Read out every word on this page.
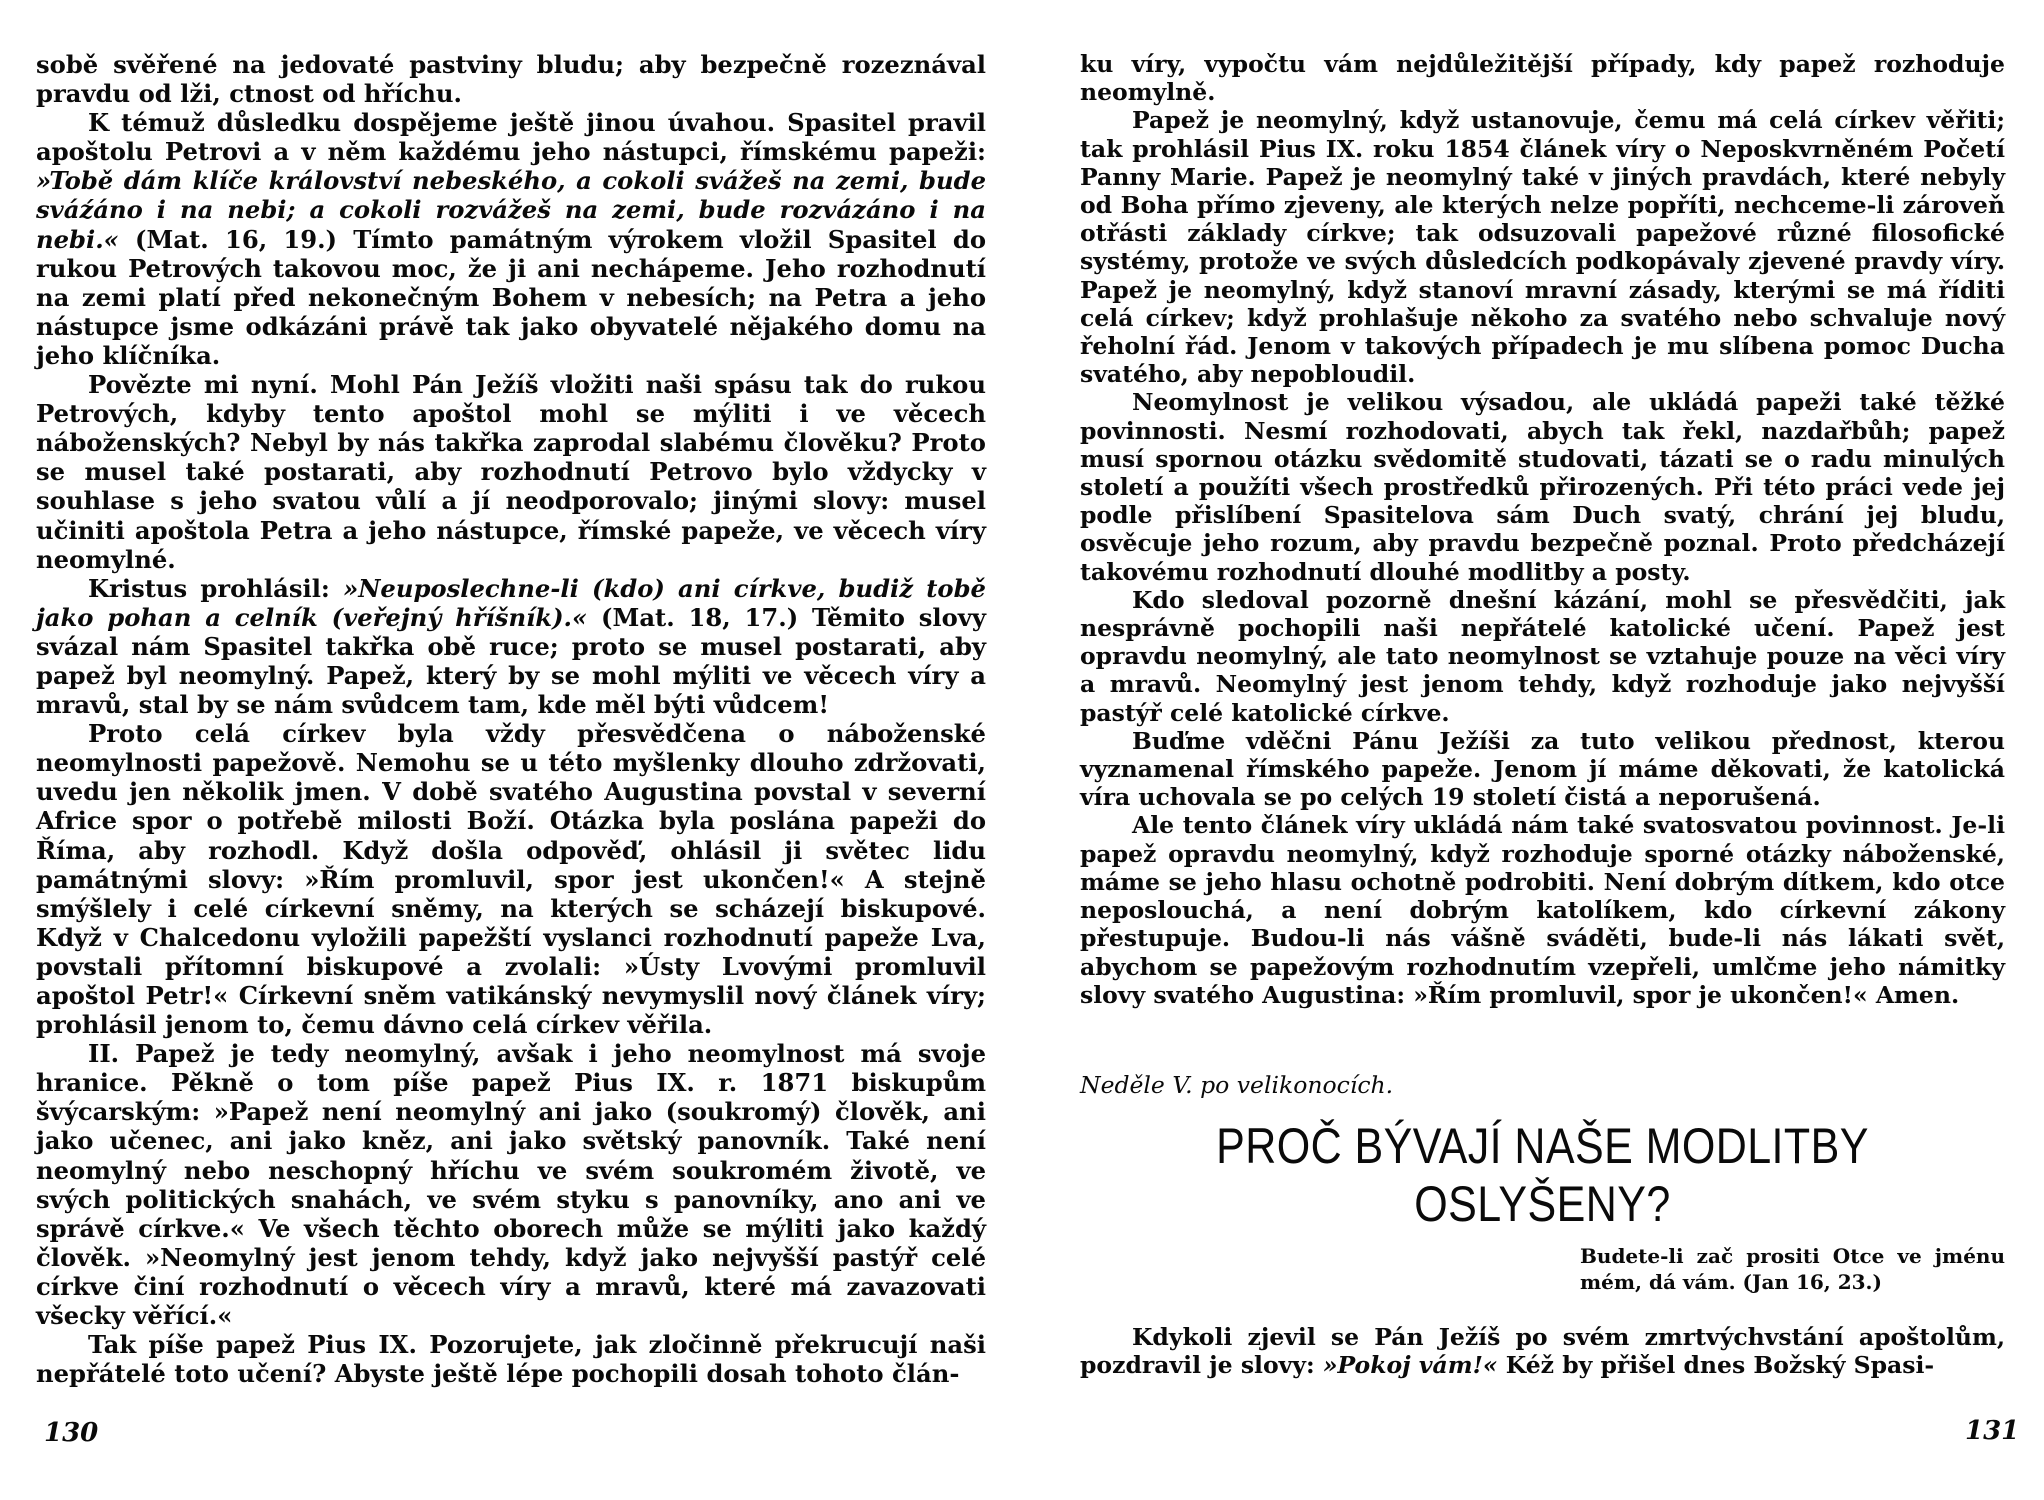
sobě svěřené na jedovaté pastviny bludu; aby bezpečně rozeznával pravdu od lži, ctnost od hříchu.

K témuž důsledku dospějeme ještě jinou úvahou. Spasitel pravil apoštolu Petrovi a v něm každému jeho nástupci, římskému papeži: »Tobě dám klíče království nebeského, a cokoli svážeš na zemi, bude sváźáno i na nebi; a cokoli rozvážeš na zemi, bude rozvázáno i na nebi.« (Mat. 16, 19.) Tímto památným výrokem vložil Spasitel do rukou Petrových takovou moc, že ji ani nechápeme. Jeho rozhodnutí na zemi platí před nekonečným Bohem v nebesích; na Petra a jeho nástupce jsme odkázáni právě tak jako obyvatelé nějakého domu na jeho klíčníka.

Povězte mi nyní. Mohl Pán Ježíš vložiti naši spásu tak do rukou Petrových, kdyby tento apoštol mohl se mýliti i ve věcech náboženských? Nebyl by nás takřka zaprodal slabému člověku? Proto se musel také postarati, aby rozhodnutí Petrovo bylo vždycky v souhlase s jeho svatou vůlí a jí neodporovalo; jinými slovy: musel učiniti apoštola Petra a jeho nástupce, římské papeže, ve věcech víry neomylné.

Kristus prohlásil: »Neuposlechne-li (kdo) ani církve, budiž tobě jako pohan a celník (veřejný hříšník).« (Mat. 18, 17.) Těmito slovy svázal nám Spasitel takřka obě ruce; proto se musel postarati, aby papež byl neomylný. Papež, který by se mohl mýliti ve věcech víry a mravů, stal by se nám svůdcem tam, kde měl býti vůdcem!

Proto celá církev byla vždy přesvědčena o náboženské neomylnosti papežově. Nemohu se u této myšlenky dlouho zdržovati, uvedu jen několik jmen. V době svatého Augustina povstal v severní Africe spor o potřebě milosti Boží. Otázka byla poslána papeži do Říma, aby rozhodl. Když došla odpověď, ohlásil ji světec lidu památnými slovy: »Řím promluvil, spor jest ukončen!« A stejně smýšlely i celé církevní sněmy, na kterých se scházejí biskupové. Když v Chalcedonu vyložili papežští vyslanci rozhodnutí papeže Lva, povstali přítomní biskupové a zvolali: »Ústy Lvovými promluvil apoštol Petr!« Církevní sněm vatikánský nevymyslil nový článek víry; prohlásil jenom to, čemu dávno celá církev věřila.

II. Papež je tedy neomylný, avšak i jeho neomylnost má svoje hranice. Pěkně o tom píše papež Pius IX. r. 1871 biskupům švýcarským: »Papež není neomylný ani jako (soukromý) člověk, ani jako učenec, ani jako kněz, ani jako světský panovník. Také není neomylný nebo neschopný hříchu ve svém soukromém životě, ve svých politických snahách, ve svém styku s panovníky, ano ani ve správě církve.« Ve všech těchto oborech může se mýliti jako každý člověk. »Neomylný jest jenom tehdy, když jako nejvyšší pastýř celé církve činí rozhodnutí o věcech víry a mravů, které má zavazovati všecky věřící.«

Tak píše papež Pius IX. Pozorujete, jak zločinně překrucují naši nepřátelé toto učení? Abyste ještě lépe pochopili dosah tohoto člán-

ku víry, vypočtu vám nejdůležitější případy, kdy papež rozhoduje neomylně.

Papež je neomylný, když ustanovuje, čemu má celá církev věřiti; tak prohlásil Pius IX. roku 1854 článek víry o Neposkvrněném Početí Panny Marie. Papež je neomylný také v jiných pravdách, které nebyly od Boha přímo zjeveny, ale kterých nelze popříti, nechceme-li zároveň otřásti základy církve; tak odsuzovali papežové různé filosofické systémy, protože ve svých důsledcích podkopávaly zjevené pravdy víry. Papež je neomylný, když stanoví mravní zásady, kterými se má říditi celá církev; když prohlašuje někoho za svatého nebo schvaluje nový řeholní řád. Jenom v takových případech je mu slíbena pomoc Ducha svatého, aby nepobloudil.

Neomylnost je velikou výsadou, ale ukládá papeži také těžké povinnosti. Nesmí rozhodovati, abych tak řekl, nazdařbůh; papež musí spornou otázku svědomitě studovati, tázati se o radu minulých století a použíti všech prostředků přirozených. Při této práci vede jej podle přislíbení Spasitelova sám Duch svatý, chrání jej bludu, osvěcuje jeho rozum, aby pravdu bezpečně poznal. Proto předcházejí takovému rozhodnutí dlouhé modlitby a posty.

Kdo sledoval pozorně dnešní kázání, mohl se přesvědčiti, jak nesprávně pochopili naši nepřátelé katolické učení. Papež jest opravdu neomylný, ale tato neomylnost se vztahuje pouze na věci víry a mravů. Neomylný jest jenom tehdy, když rozhoduje jako nejvyšší pastýř celé katolické církve.

Buďme vděčni Pánu Ježíši za tuto velikou přednost, kterou vyznamenal římského papeže. Jenom jí máme děkovati, že katolická víra uchovala se po celých 19 století čistá a neporušená.

Ale tento článek víry ukládá nám také svatosvatou povinnost. Je-li papež opravdu neomylný, když rozhoduje sporné otázky náboženské, máme se jeho hlasu ochotně podrobiti. Není dobrým dítkem, kdo otce neposlouchá, a není dobrým katolíkem, kdo církevní zákony přestupuje. Budou-li nás vášně sváděti, bude-li nás lákati svět, abychom se papežovým rozhodnutím vzepřeli, umlčme jeho námitky slovy svatého Augustina: »Řím promluvil, spor je ukončen!« Amen.

Neděle V. po velikonocích.
PROČ BÝVAJÍ NAŠE MODLITBY OSLYŠENY?
Budete-li zač prositi Otce ve jménu mém, dá vám. (Jan 16, 23.)

Kdykoli zjevil se Pán Ježíš po svém zmrtvýchvstání apoštolům, pozdravil je slovy: »Pokoj vám!« Kéž by přišel dnes Božský Spasi-

130	131
